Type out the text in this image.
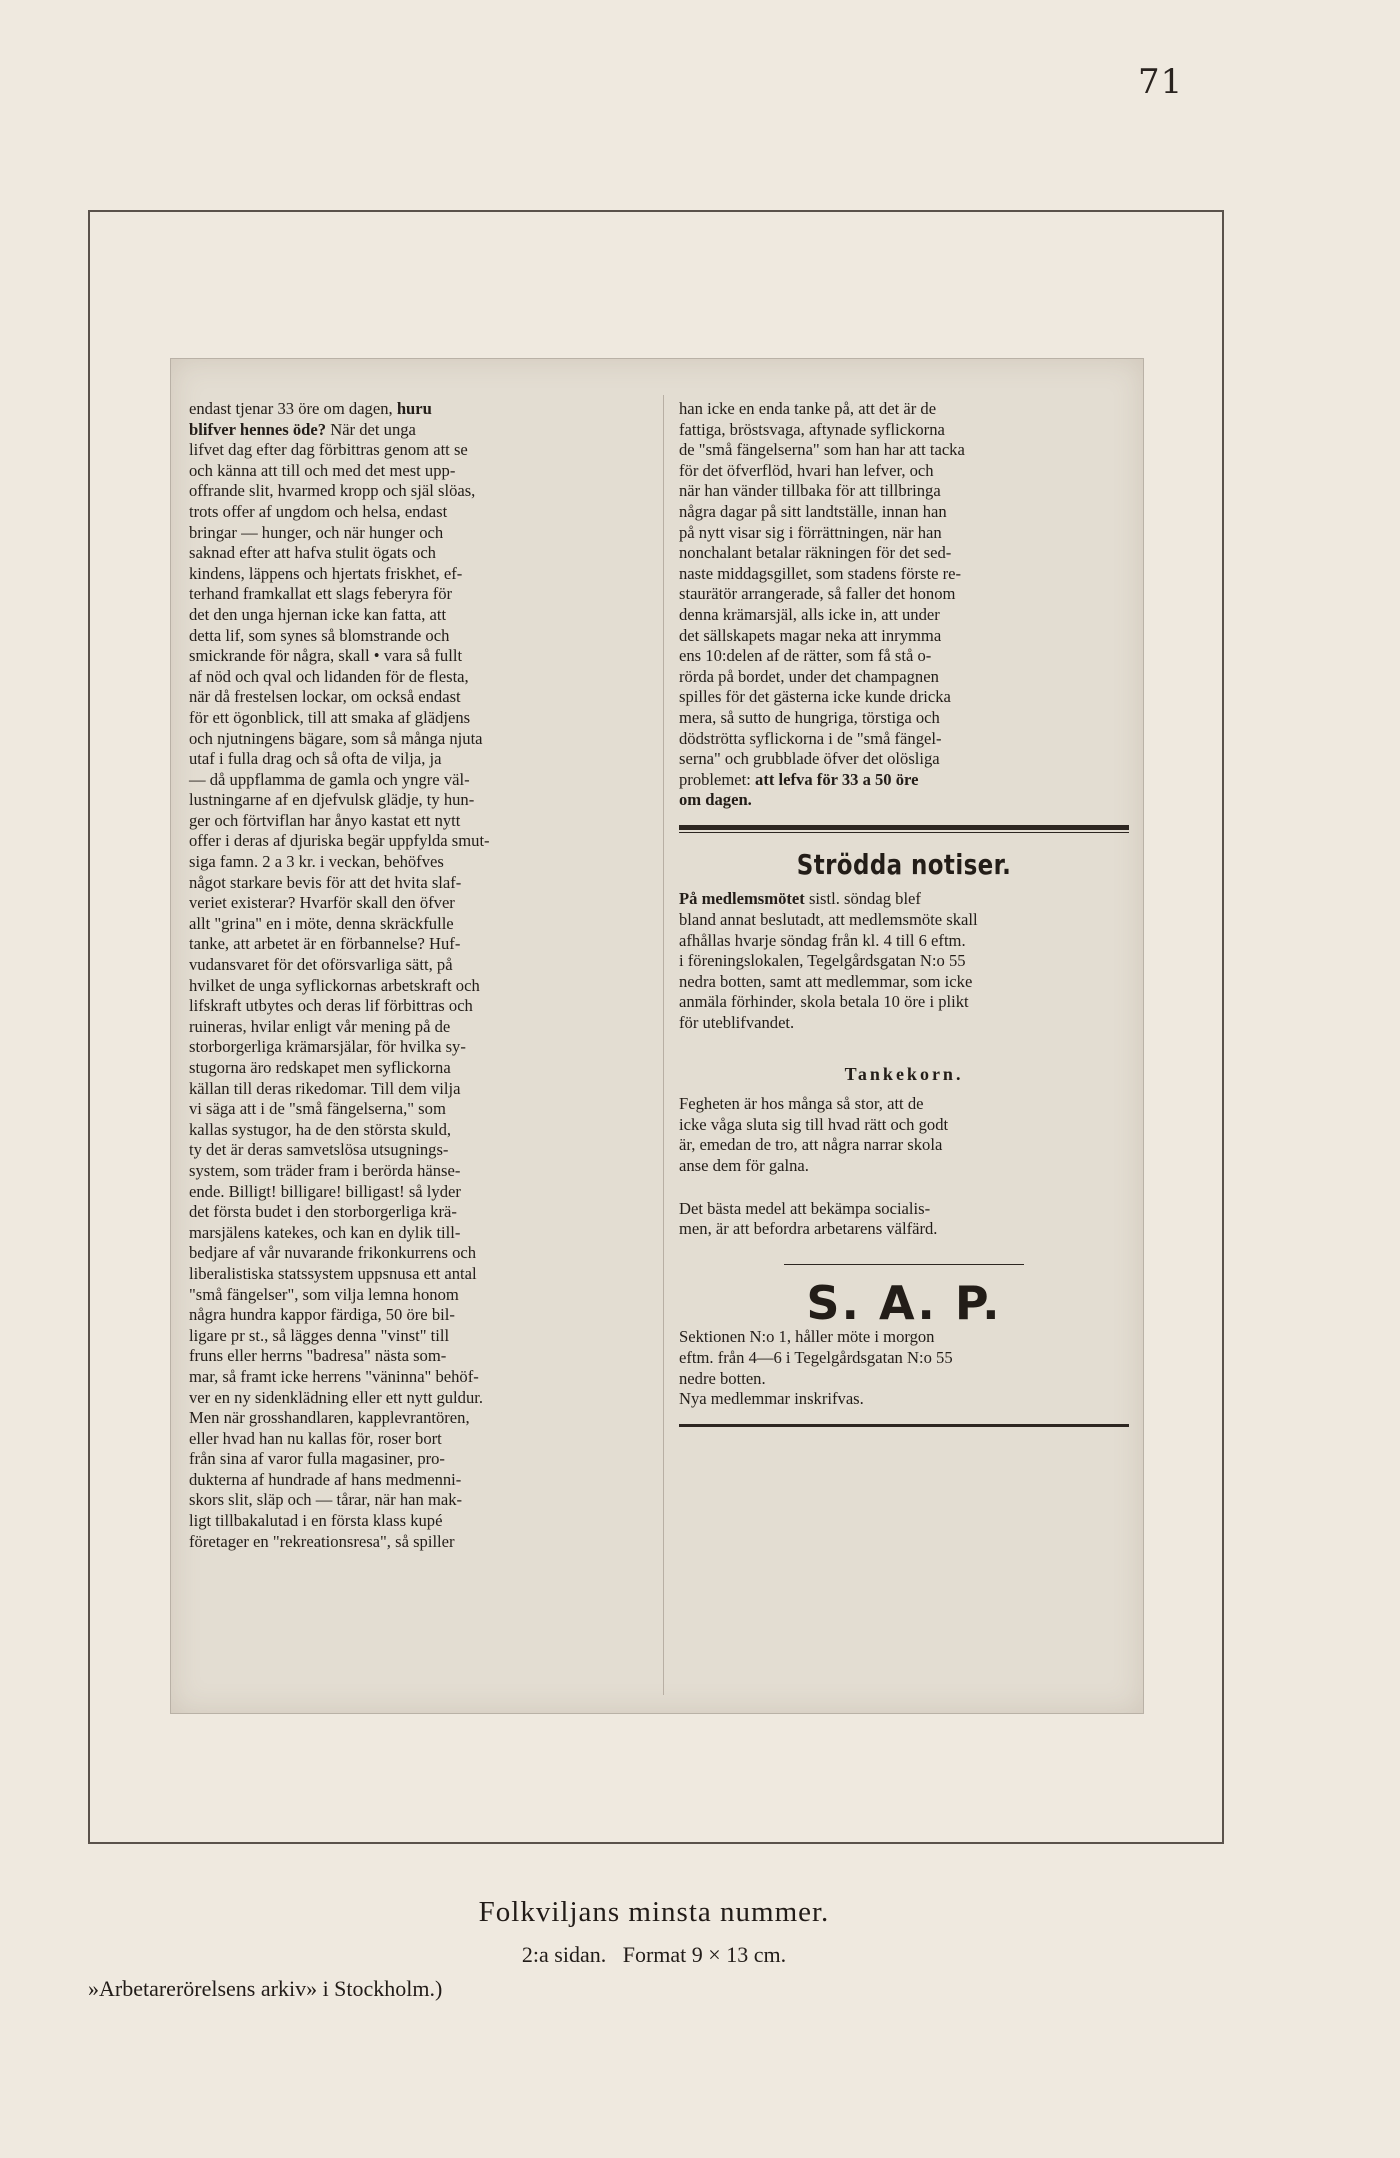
71
endast tjenar 33 öre om dagen, huru
blifver hennes öde? När det unga
lifvet dag efter dag förbittras genom att se
och känna att till och med det mest upp-
offrande slit, hvarmed kropp och själ slöas,
trots offer af ungdom och helsa, endast
bringar — hunger, och när hunger och
saknad efter att hafva stulit ögats och
kindens, läppens och hjertats friskhet, ef-
terhand framkallat ett slags feberyra för
det den unga hjernan icke kan fatta, att
detta lif, som synes så blomstrande och
smickrande för några, skall • vara så fullt
af nöd och qval och lidanden för de flesta,
när då frestelsen lockar, om också endast
för ett ögonblick, till att smaka af glädjens
och njutningens bägare, som så många njuta
utaf i fulla drag och så ofta de vilja, ja
— då uppflamma de gamla och yngre väl-
lustningarne af en djefvulsk glädje, ty hun-
ger och förtviflan har ånyo kastat ett nytt
offer i deras af djuriska begär uppfylda smut-
siga famn. 2 a 3 kr. i veckan, behöfves
något starkare bevis för att det hvita slaf-
veriet existerar? Hvarför skall den öfver
allt "grina" en i möte, denna skräckfulle
tanke, att arbetet är en förbannelse? Huf-
vudansvaret för det oförsvarliga sätt, på
hvilket de unga syflickornas arbetskraft och
lifskraft utbytes och deras lif förbittras och
ruineras, hvilar enligt vår mening på de
storborgerliga krämarsjälar, för hvilka sy-
stugorna äro redskapet men syflickorna
källan till deras rikedomar. Till dem vilja
vi säga att i de "små fängelserna," som
kallas systugor, ha de den största skuld,
ty det är deras samvetslösa utsugnings-
system, som träder fram i berörda hänse-
ende. Billigt! billigare! billigast! så lyder
det första budet i den storborgerliga krä-
marsjälens katekes, och kan en dylik till-
bedjare af vår nuvarande frikonkurrens och
liberalistiska statssystem uppsnusa ett antal
"små fängelser", som vilja lemna honom
några hundra kappor färdiga, 50 öre bil-
ligare pr st., så lägges denna "vinst" till
fruns eller herrns "badresa" nästa som-
mar, så framt icke herrens "väninna" behöf-
ver en ny sidenklädning eller ett nytt guldur.
Men när grosshandlaren, kapplevrantören,
eller hvad han nu kallas för, roser bort
från sina af varor fulla magasiner, pro-
dukterna af hundrade af hans medmenni-
skors slit, släp och — tårar, när han mak-
ligt tillbakalutad i en första klass kupé
företager en "rekreationsresa", så spiller
han icke en enda tanke på, att det är de
fattiga, bröstsvaga, aftynade syflickorna
de "små fängelserna" som han har att tacka
för det öfverflöd, hvari han lefver, och
när han vänder tillbaka för att tillbringa
några dagar på sitt landtställe, innan han
på nytt visar sig i förrättningen, när han
nonchalant betalar räkningen för det sed-
naste middagsgillet, som stadens förste re-
staurätör arrangerade, så faller det honom
denna krämarsjäl, alls icke in, att under
det sällskapets magar neka att inrymma
ens 10:delen af de rätter, som få stå o-
rörda på bordet, under det champagnen
spilles för det gästerna icke kunde dricka
mera, så sutto de hungriga, törstiga och
dödströtta syflickorna i de "små fängel-
serna" och grubblade öfver det olösliga
problemet: att lefva för 33 a 50 öre
om dagen.
Strödda notiser.
På medlemsmötet sistl. söndag blef
bland annat beslutadt, att medlemsmöte skall
afhållas hvarje söndag från kl. 4 till 6 eftm.
i föreningslokalen, Tegelgårdsgatan N:o 55
nedra botten, samt att medlemmar, som icke
anmäla förhinder, skola betala 10 öre i plikt
för uteblifvandet.
Tankekorn.
Fegheten är hos många så stor, att de
icke våga sluta sig till hvad rätt och godt
är, emedan de tro, att några narrar skola
anse dem för galna.
Det bästa medel att bekämpa socialis-
men, är att befordra arbetarens välfärd.
S. A. P.
Sektionen N:o 1, håller möte i morgon
eftm. från 4—6 i Tegelgårdsgatan N:o 55
nedre botten.
Nya medlemmar inskrifvas.
Folkviljans minsta nummer.
2:a sidan.   Format 9 × 13 cm.
»Arbetarerörelsens arkiv» i Stockholm.)
